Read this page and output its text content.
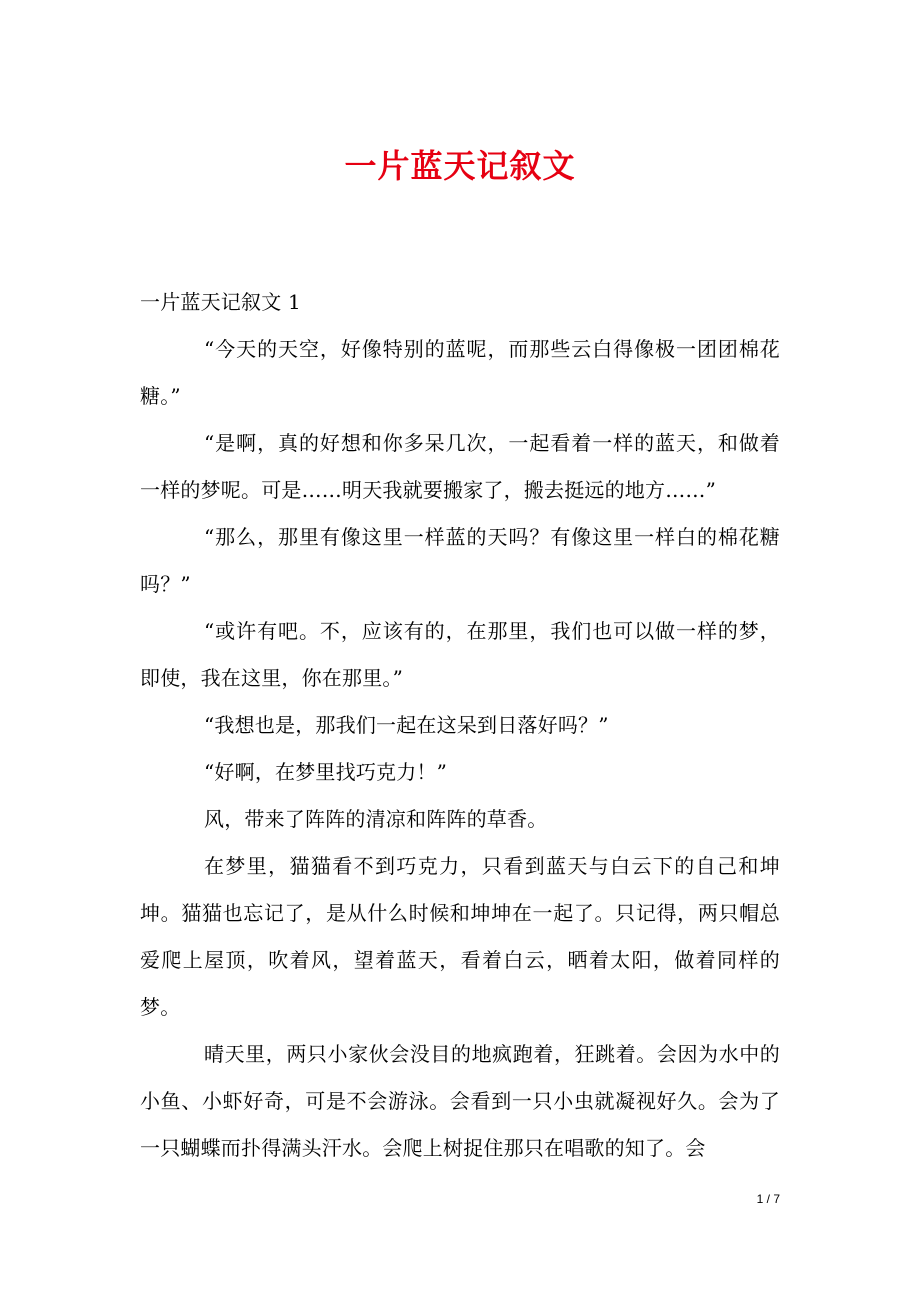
一片蓝天记叙文

一片蓝天记叙文 1

“今天的天空，好像特别的蓝呢，而那些云白得像极一团团棉花糖。”

“是啊，真的好想和你多呆几次，一起看着一样的蓝天，和做着一样的梦呢。可是……明天我就要搬家了，搬去挺远的地方……”

“那么，那里有像这里一样蓝的天吗？有像这里一样白的棉花糖吗？”

“或许有吧。不，应该有的，在那里，我们也可以做一样的梦，即使，我在这里，你在那里。”

“我想也是，那我们一起在这呆到日落好吗？”

“好啊，在梦里找巧克力！”

风，带来了阵阵的清凉和阵阵的草香。

在梦里，猫猫看不到巧克力，只看到蓝天与白云下的自己和坤坤。猫猫也忘记了，是从什么时候和坤坤在一起了。只记得，两只帽总爱爬上屋顶，吹着风，望着蓝天，看着白云，晒着太阳，做着同样的梦。

晴天里，两只小家伙会没目的地疯跑着，狂跳着。会因为水中的小鱼、小虾好奇，可是不会游泳。会看到一只小虫就凝视好久。会为了一只蝴蝶而扑得满头汗水。会爬上树捉住那只在唱歌的知了。会

1 / 7
